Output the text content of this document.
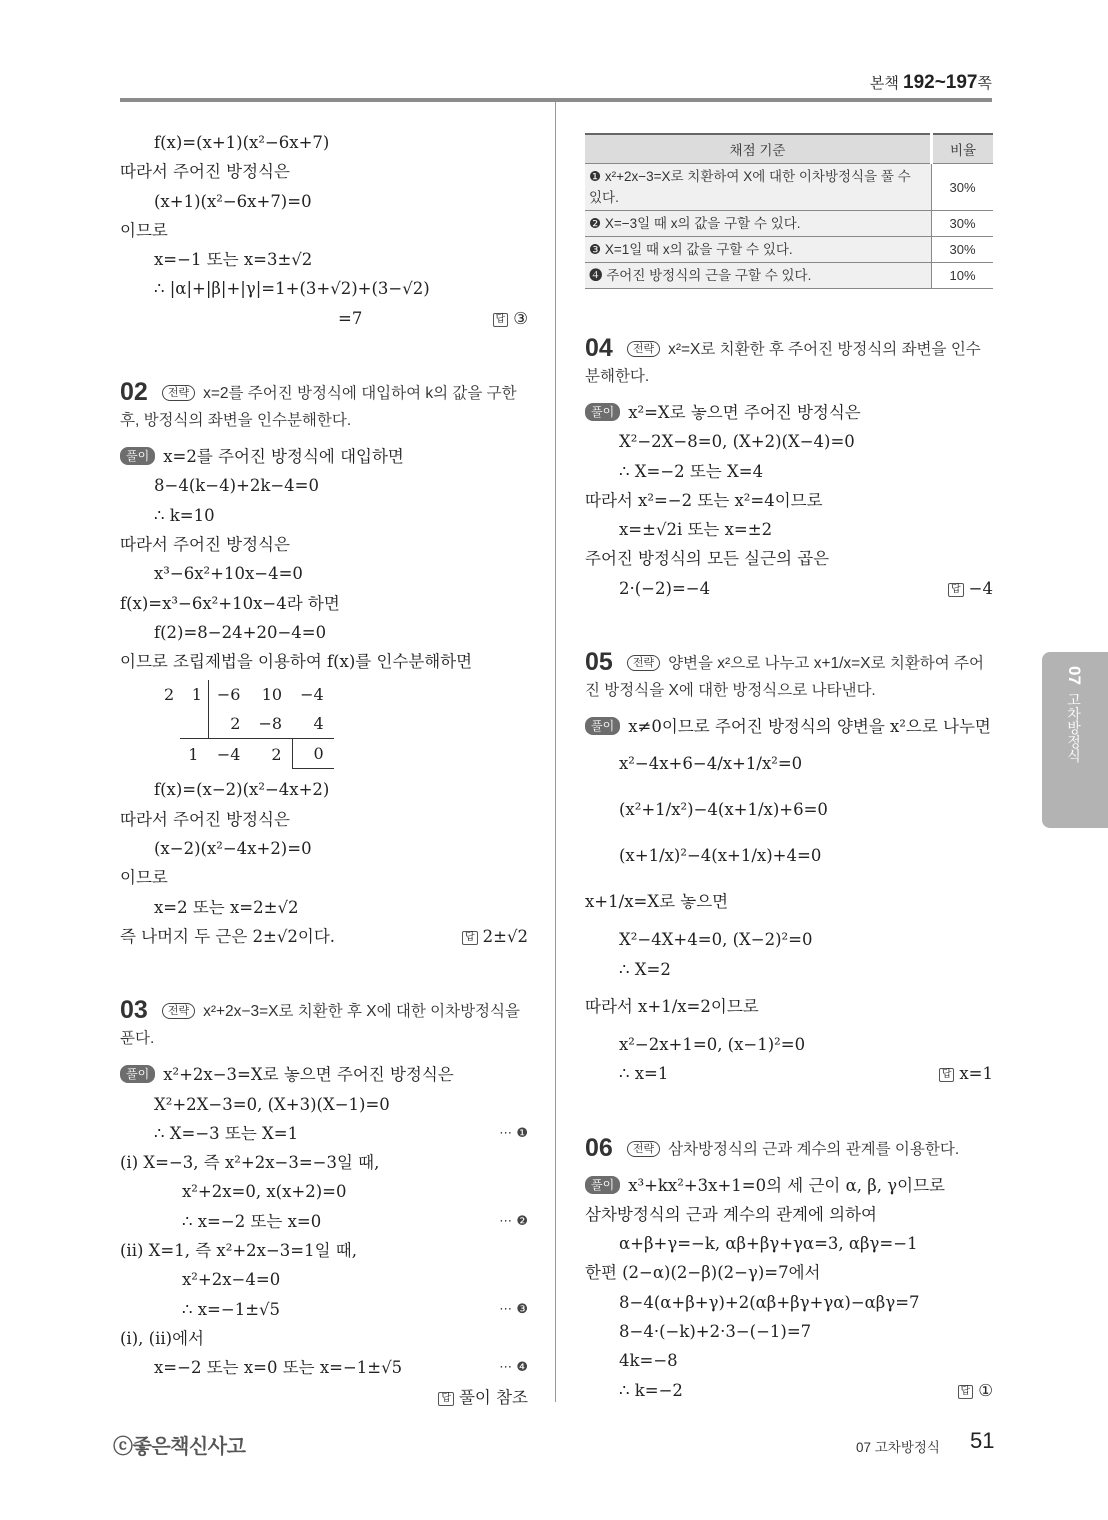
본책 192~197쪽
f(x)=(x+1)(x²−6x+7)
따라서 주어진 방정식은
(x+1)(x²−6x+7)=0
이므로
x=−1 또는 x=3±√2
∴ |α|+|β|+|γ|=1+(3+√2)+(3−√2)
=7	답 ③
02 전략 x=2를 주어진 방정식에 대입하여 k의 값을 구한 후, 방정식의 좌변을 인수분해한다.
풀이 x=2를 주어진 방정식에 대입하면
8−4(k−4)+2k−4=0
∴ k=10
따라서 주어진 방정식은
x³−6x²+10x−4=0
f(x)=x³−6x²+10x−4라 하면
f(2)=8−24+20−4=0
이므로 조립제법을 이용하여 f(x)를 인수분해하면
2	1	−6	10	−4
		2	−8	4
	1	−4	2	0
f(x)=(x−2)(x²−4x+2)
따라서 주어진 방정식은
(x−2)(x²−4x+2)=0
이므로
x=2 또는 x=2±√2
즉 나머지 두 근은 2±√2이다.	답 2±√2
03 전략 x²+2x−3=X로 치환한 후 X에 대한 이차방정식을 푼다.
풀이 x²+2x−3=X로 놓으면 주어진 방정식은
X²+2X−3=0, (X+3)(X−1)=0
∴ X=−3 또는 X=1	⋯ ❶
(i) X=−3, 즉 x²+2x−3=−3일 때,
x²+2x=0, x(x+2)=0
∴ x=−2 또는 x=0	⋯ ❷
(ii) X=1, 즉 x²+2x−3=1일 때,
x²+2x−4=0
∴ x=−1±√5	⋯ ❸
(i), (ii)에서
x=−2 또는 x=0 또는 x=−1±√5	⋯ ❹
답 풀이 참조
채점 기준	비율
❶ x²+2x−3=X로 치환하여 X에 대한 이차방정식을 풀 수 있다.	30%
❷ X=−3일 때 x의 값을 구할 수 있다.	30%
❸ X=1일 때 x의 값을 구할 수 있다.	30%
❹ 주어진 방정식의 근을 구할 수 있다.	10%
04 전략 x²=X로 치환한 후 주어진 방정식의 좌변을 인수분해한다.
풀이 x²=X로 놓으면 주어진 방정식은
X²−2X−8=0, (X+2)(X−4)=0
∴ X=−2 또는 X=4
따라서 x²=−2 또는 x²=4이므로
x=±√2i 또는 x=±2
주어진 방정식의 모든 실근의 곱은
2·(−2)=−4	답 −4
05 전략 양변을 x²으로 나누고 x+1/x=X로 치환하여 주어진 방정식을 X에 대한 방정식으로 나타낸다.
풀이 x≠0이므로 주어진 방정식의 양변을 x²으로 나누면
x²−4x+6−4/x+1/x²=0
(x²+1/x²)−4(x+1/x)+6=0
(x+1/x)²−4(x+1/x)+4=0
x+1/x=X로 놓으면
X²−4X+4=0, (X−2)²=0
∴ X=2
따라서 x+1/x=2이므로
x²−2x+1=0, (x−1)²=0
∴ x=1	답 x=1
06 전략 삼차방정식의 근과 계수의 관계를 이용한다.
풀이 x³+kx²+3x+1=0의 세 근이 α, β, γ이므로
삼차방정식의 근과 계수의 관계에 의하여
α+β+γ=−k, αβ+βγ+γα=3, αβγ=−1
한편 (2−α)(2−β)(2−γ)=7에서
8−4(α+β+γ)+2(αβ+βγ+γα)−αβγ=7
8−4·(−k)+2·3−(−1)=7
4k=−8
∴ k=−2	답 ①
07고차방정식
ⓒ좋은책신사고	07 고차방정식 51
